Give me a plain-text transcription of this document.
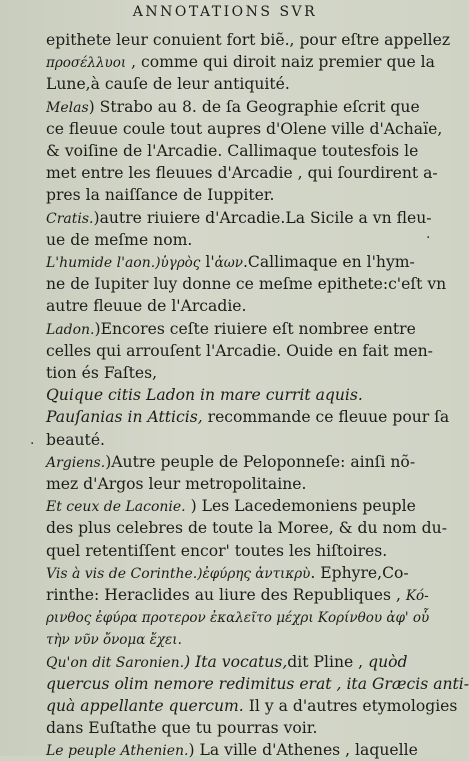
ANNOTATIONS SVR
epithete leur conuient fort biẽ., pour eſtre appellez
προσέλλυοι , comme qui diroit naiz premier que la
Lune,à cauſe de leur antiquité.
Melas) Strabo au 8. de ſa Geographie eſcrit que
ce fleuue coule tout aupres d'Olene ville d'Achaïe,
& voiſine de l'Arcadie. Callimaque toutesfois le
met entre les fleuues d'Arcadie , qui ſourdirent a-
pres la naiſſance de Iuppiter.
Cratis.)autre riuiere d'Arcadie.La Sicile a vn fleu-
ue de meſme nom.
L'humide l'aon.)ὑγρὸς l'ἀων.Callimaque en l'hym-
ne de Iupiter luy donne ce meſme epithete:c'eſt vn
autre fleuue de l'Arcadie.
Ladon.)Encores ceſte riuiere eſt nombree entre
celles qui arrouſent l'Arcadie. Ouide en fait men-
tion és Faſtes,
Quique citis Ladon in mare currit aquis.
Pauſanias in Atticis, recommande ce fleuue pour ſa
beauté.
Argiens.)Autre peuple de Peloponneſe: ainſi nõ-
mez d'Argos leur metropolitaine.
Et ceux de Laconie. ) Les Lacedemoniens peuple
des plus celebres de toute la Moree, & du nom du-
quel retentiſſent encor' toutes les hiſtoires.
Vis à vis de Corinthe.)ἐφύρης ἀντικρὺ. Ephyre,Co-
rinthe: Heraclides au liure des Republiques , Κό-
ρινθος ἐφύρα προτερον ἐκαλεῖτο μέχρι Κορίνθου ἀφ' οὗ
τὴν νῦν ὄνομα ἔχει.
Qu'on dit Saronien.) Ita vocatus,dit Pline , quòd
quercus olim nemore redimitus erat , ita Græcis anti-
quà appellante quercum. Il y a d'autres etymologies
dans Euſtathe que tu pourras voir.
Le peuple Athenien.) La ville d'Athenes , laquelle
.
·
